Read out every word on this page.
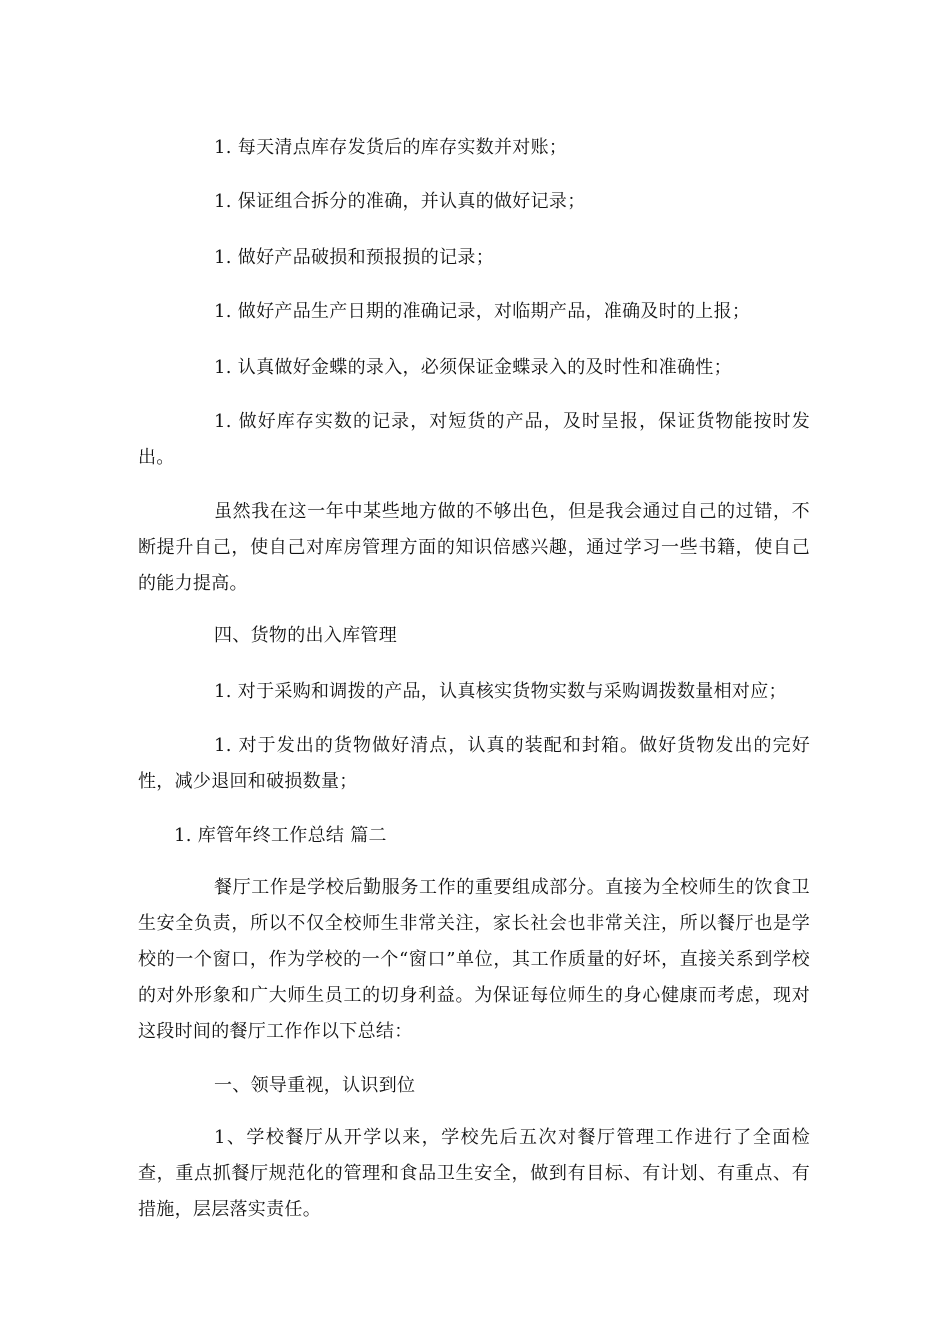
1. 每天清点库存发货后的库存实数并对账；

1. 保证组合拆分的准确，并认真的做好记录；

1. 做好产品破损和预报损的记录；

1. 做好产品生产日期的准确记录，对临期产品，准确及时的上报；

1. 认真做好金蝶的录入，必须保证金蝶录入的及时性和准确性；

1. 做好库存实数的记录，对短货的产品，及时呈报，保证货物能按时发出。

虽然我在这一年中某些地方做的不够出色，但是我会通过自己的过错，不断提升自己，使自己对库房管理方面的知识倍感兴趣，通过学习一些书籍，使自己的能力提高。

四、货物的出入库管理

1. 对于采购和调拨的产品，认真核实货物实数与采购调拨数量相对应；

1. 对于发出的货物做好清点，认真的装配和封箱。做好货物发出的完好性，减少退回和破损数量；

1. 库管年终工作总结 篇二

餐厅工作是学校后勤服务工作的重要组成部分。直接为全校师生的饮食卫生安全负责，所以不仅全校师生非常关注，家长社会也非常关注，所以餐厅也是学校的一个窗口，作为学校的一个“窗口”单位，其工作质量的好坏，直接关系到学校的对外形象和广大师生员工的切身利益。为保证每位师生的身心健康而考虑，现对这段时间的餐厅工作作以下总结：

一、领导重视，认识到位

1、学校餐厅从开学以来，学校先后五次对餐厅管理工作进行了全面检查，重点抓餐厅规范化的管理和食品卫生安全，做到有目标、有计划、有重点、有措施，层层落实责任。
